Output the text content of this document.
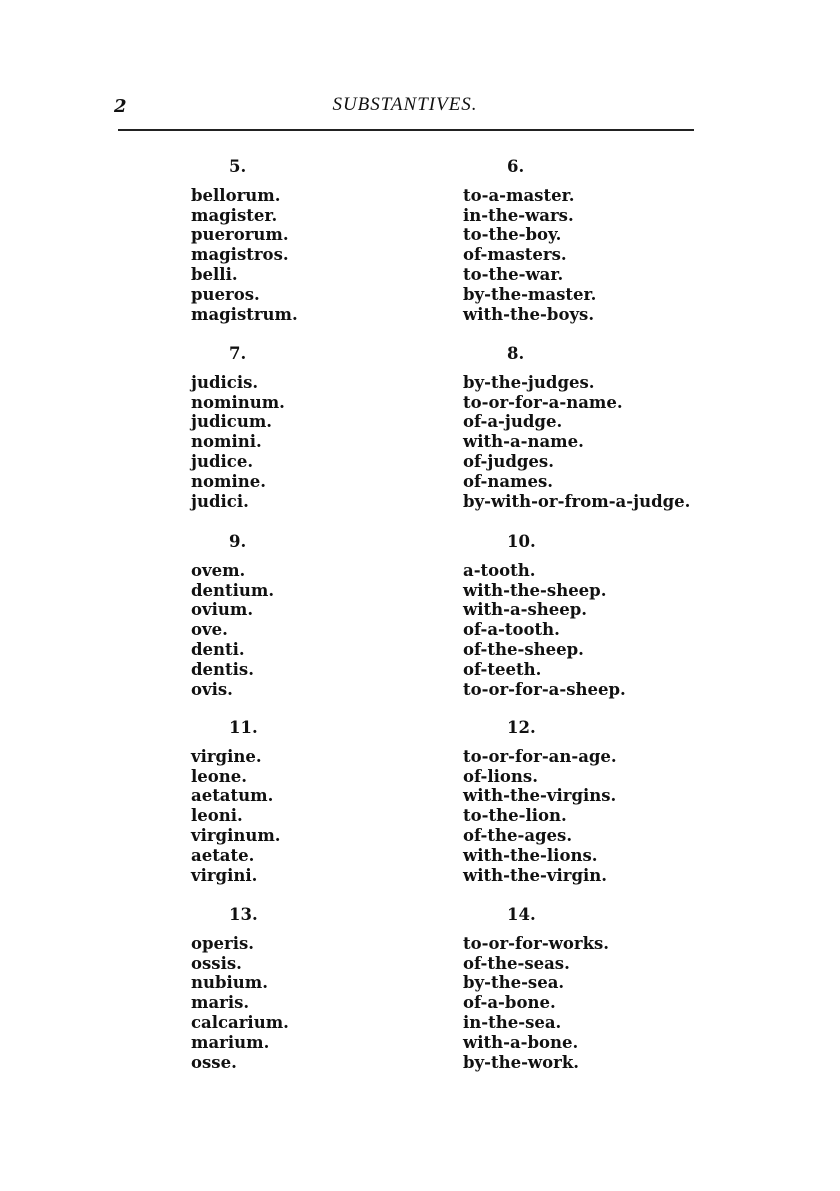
2	SUBSTANTIVES.
5.
bellorum.
magister.
puerorum.
magistros.
belli.
pueros.
magistrum.
6.
to-a-master.
in-the-wars.
to-the-boy.
of-masters.
to-the-war.
by-the-master.
with-the-boys.
7.
judicis.
nominum.
judicum.
nomini.
judice.
nomine.
judici.
8.
by-the-judges.
to-or-for-a-name.
of-a-judge.
with-a-name.
of-judges.
of-names.
by-with-or-from-a-judge.
9.
ovem.
dentium.
ovium.
ove.
denti.
dentis.
ovis.
10.
a-tooth.
with-the-sheep.
with-a-sheep.
of-a-tooth.
of-the-sheep.
of-teeth.
to-or-for-a-sheep.
11.
virgine.
leone.
aetatum.
leoni.
virginum.
aetate.
virgini.
12.
to-or-for-an-age.
of-lions.
with-the-virgins.
to-the-lion.
of-the-ages.
with-the-lions.
with-the-virgin.
13.
operis.
ossis.
nubium.
maris.
calcarium.
marium.
osse.
14.
to-or-for-works.
of-the-seas.
by-the-sea.
of-a-bone.
in-the-sea.
with-a-bone.
by-the-work.
